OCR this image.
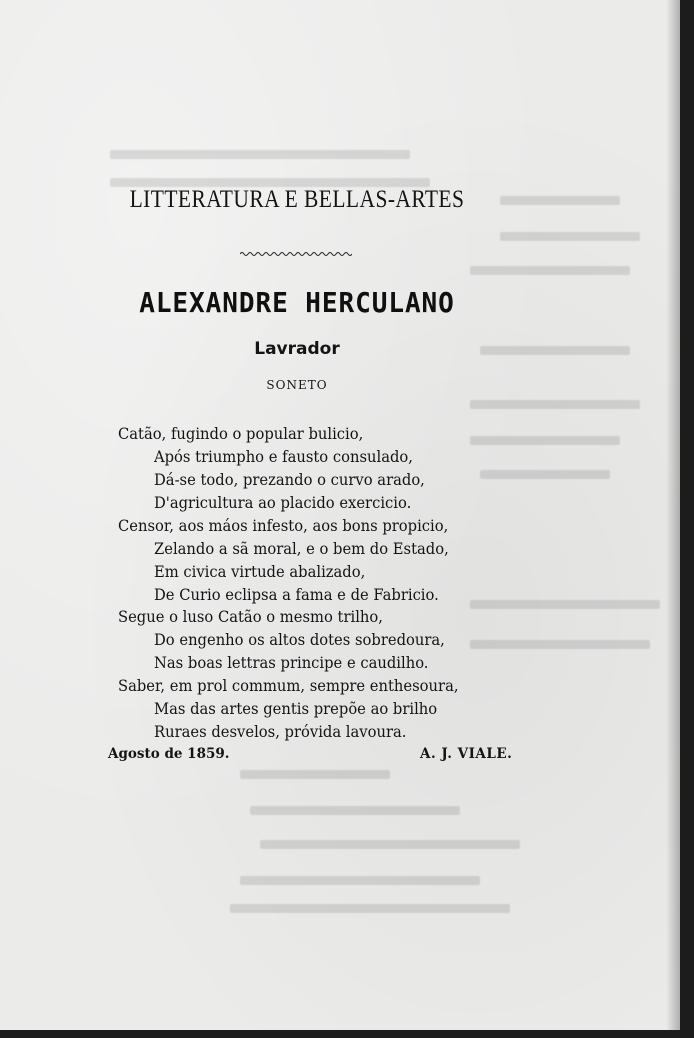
LITTERATURA E BELLAS-ARTES
ALEXANDRE HERCULANO
Lavrador
SONETO
Catão, fugindo o popular bulicio,
Após triumpho e fausto consulado,
Dá-se todo, prezando o curvo arado,
D'agricultura ao placido exercicio.
Censor, aos máos infesto, aos bons propicio,
Zelando a sã moral, e o bem do Estado,
Em civica virtude abalizado,
De Curio eclipsa a fama e de Fabricio.
Segue o luso Catão o mesmo trilho,
Do engenho os altos dotes sobredoura,
Nas boas lettras principe e caudilho.
Saber, em prol commum, sempre enthesoura,
Mas das artes gentis prepõe ao brilho
Ruraes desvelos, próvida lavoura.
Agosto de 1859.	A. J. VIALE.
